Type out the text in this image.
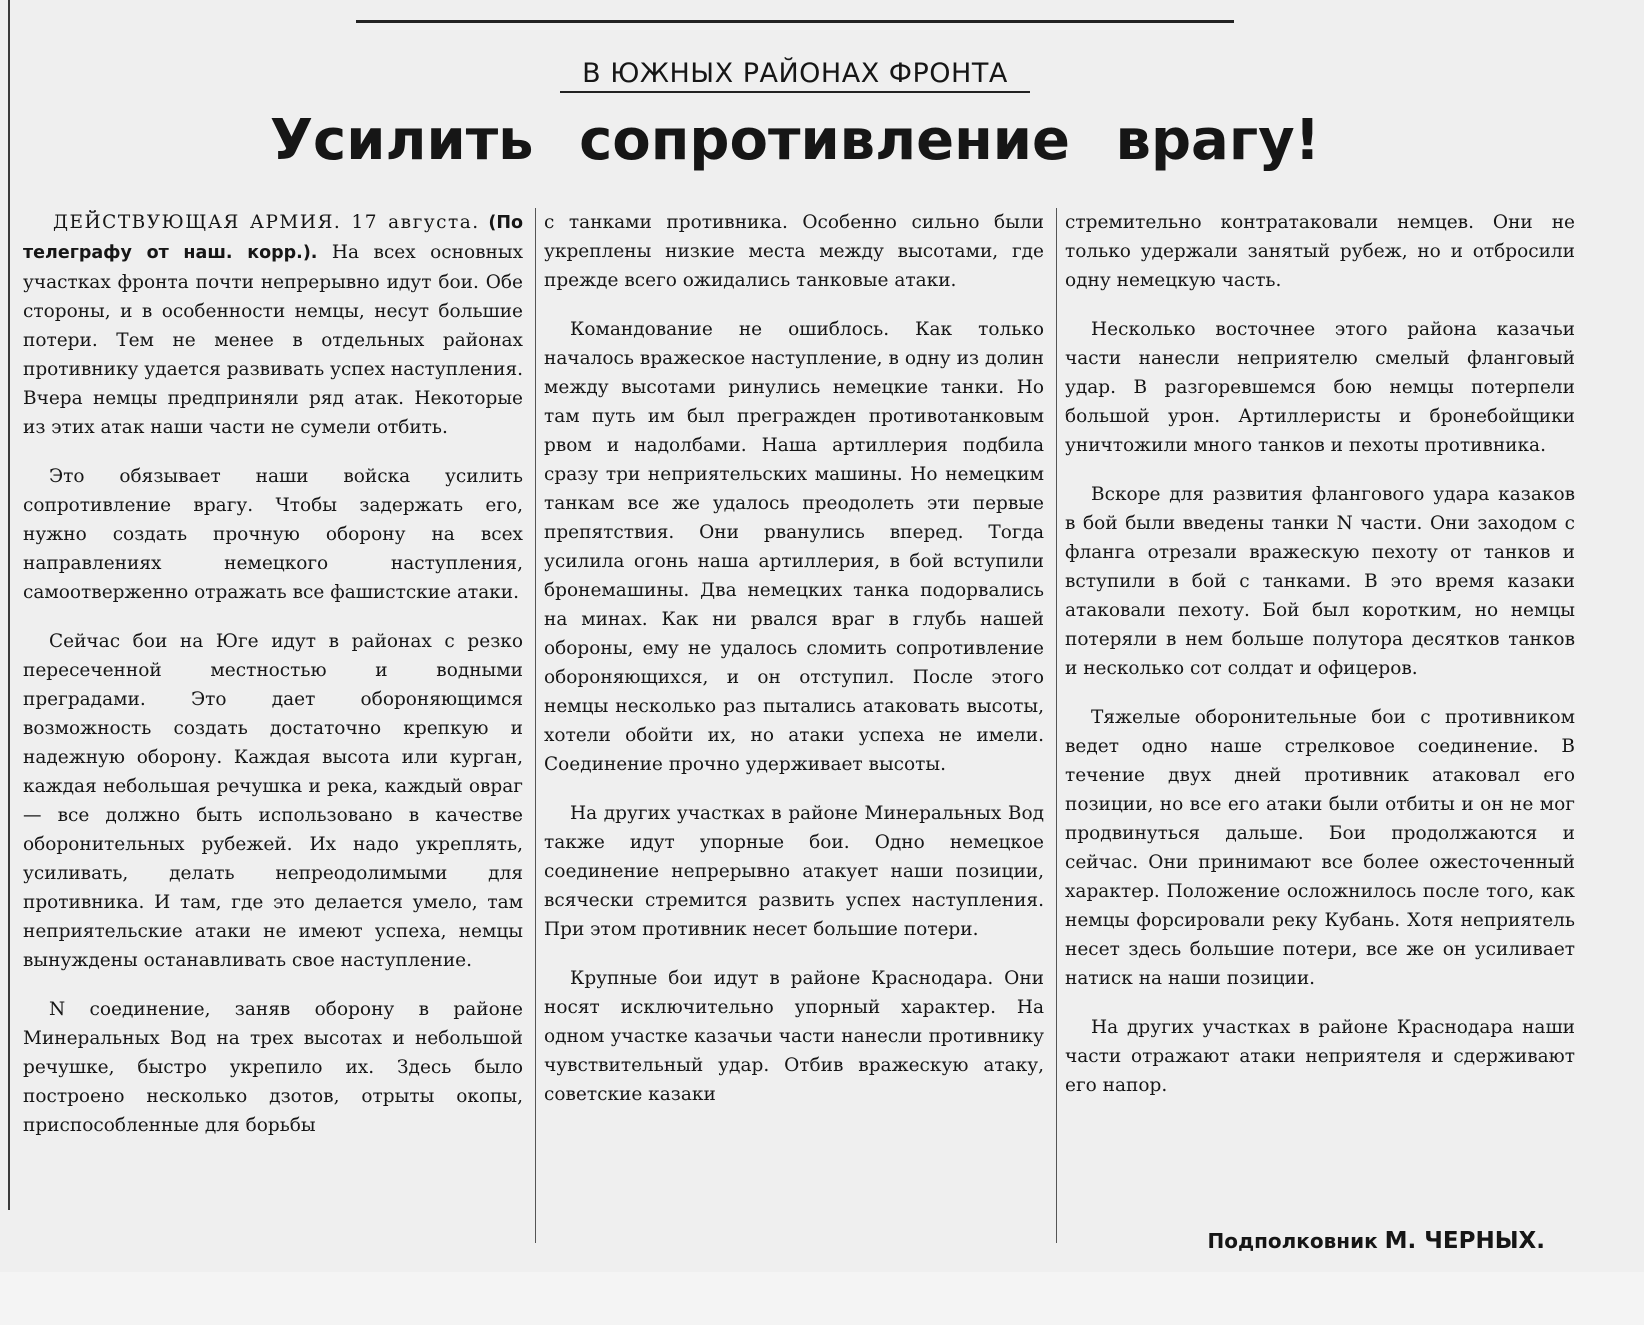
В ЮЖНЫХ РАЙОНАХ ФРОНТА
Усилить сопротивление врагу!

ДЕЙСТВУЮЩАЯ АРМИЯ. 17 августа. (По телеграфу от наш. корр.). На всех основных участках фронта почти непрерывно идут бои. Обе стороны, и в особенности немцы, несут большие потери. Тем не менее в отдельных районах противнику удается развивать успех наступления. Вчера немцы предприняли ряд атак. Некоторые из этих атак наши части не сумели отбить.

Это обязывает наши войска усилить сопротивление врагу. Чтобы задержать его, нужно создать прочную оборону на всех направлениях немецкого наступления, самоотверженно отражать все фашистские атаки.

Сейчас бои на Юге идут в районах с резко пересеченной местностью и водными преградами. Это дает обороняющимся возможность создать достаточно крепкую и надежную оборону. Каждая высота или курган, каждая небольшая речушка и река, каждый овраг — все должно быть использовано в качестве оборонительных рубежей. Их надо укреплять, усиливать, делать непреодолимыми для противника. И там, где это делается умело, там неприятельские атаки не имеют успеха, немцы вынуждены останавливать свое наступление.

N соединение, заняв оборону в районе Минеральных Вод на трех высотах и небольшой речушке, быстро укрепило их. Здесь было построено несколько дзотов, отрыты окопы, приспособленные для борьбы

с танками противника. Особенно сильно были укреплены низкие места между высотами, где прежде всего ожидались танковые атаки.

Командование не ошиблось. Как только началось вражеское наступление, в одну из долин между высотами ринулись немецкие танки. Но там путь им был прегражден противотанковым рвом и надолбами. Наша артиллерия подбила сразу три неприятельских машины. Но немецким танкам все же удалось преодолеть эти первые препятствия. Они рванулись вперед. Тогда усилила огонь наша артиллерия, в бой вступили бронемашины. Два немецких танка подорвались на минах. Как ни рвался враг в глубь нашей обороны, ему не удалось сломить сопротивление обороняющихся, и он отступил. После этого немцы несколько раз пытались атаковать высоты, хотели обойти их, но атаки успеха не имели. Соединение прочно удерживает высоты.

На других участках в районе Минеральных Вод также идут упорные бои. Одно немецкое соединение непрерывно атакует наши позиции, всячески стремится развить успех наступления. При этом противник несет большие потери.

Крупные бои идут в районе Краснодара. Они носят исключительно упорный характер. На одном участке казачьи части нанесли противнику чувствительный удар. Отбив вражескую атаку, советские казаки

стремительно контратаковали немцев. Они не только удержали занятый рубеж, но и отбросили одну немецкую часть.

Несколько восточнее этого района казачьи части нанесли неприятелю смелый фланговый удар. В разгоревшемся бою немцы потерпели большой урон. Артиллеристы и бронебойщики уничтожили много танков и пехоты противника.

Вскоре для развития флангового удара казаков в бой были введены танки N части. Они заходом с фланга отрезали вражескую пехоту от танков и вступили в бой с танками. В это время казаки атаковали пехоту. Бой был коротким, но немцы потеряли в нем больше полутора десятков танков и несколько сот солдат и офицеров.

Тяжелые оборонительные бои с противником ведет одно наше стрелковое соединение. В течение двух дней противник атаковал его позиции, но все его атаки были отбиты и он не мог продвинуться дальше. Бои продолжаются и сейчас. Они принимают все более ожесточенный характер. Положение осложнилось после того, как немцы форсировали реку Кубань. Хотя неприятель несет здесь большие потери, все же он усиливает натиск на наши позиции.

На других участках в районе Краснодара наши части отражают атаки неприятеля и сдерживают его напор.

Подполковник М. ЧЕРНЫХ.
